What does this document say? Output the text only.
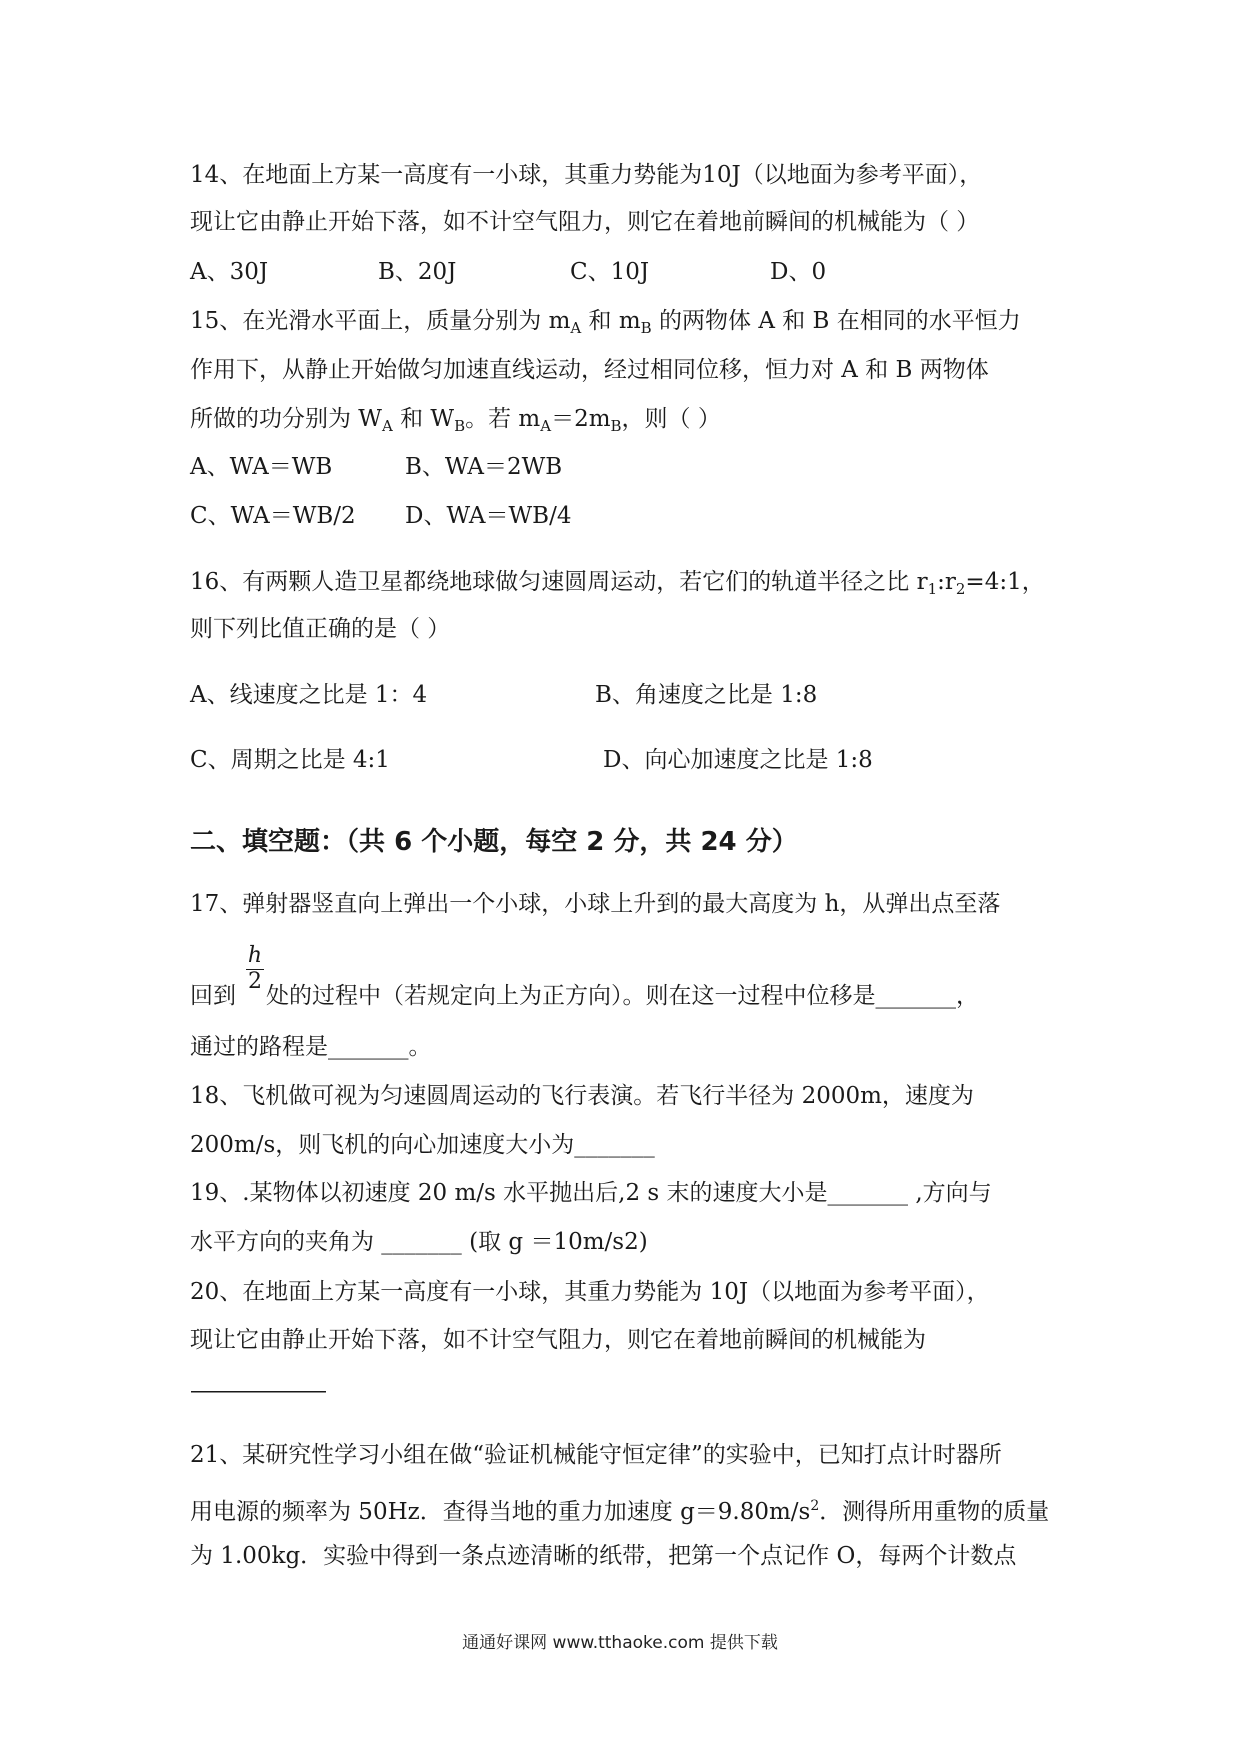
14、在地面上方某一高度有一小球，其重力势能为10J（以地面为参考平面），
现让它由静止开始下落，如不计空气阻力，则它在着地前瞬间的机械能为（ ）
A、30J	B、20J	C、10J	D、0
15、在光滑水平面上，质量分别为 $m_A$ 和 $m_B$ 的两物体 A 和 B 在相同的水平恒力
作用下，从静止开始做匀加速直线运动，经过相同位移，恒力对 A 和 B 两物体
所做的功分别为 $W_A$ 和 $W_B$。若 $m_A=2m_B$，则（ ）
A、WA＝WB	B、WA＝2WB
C、WA＝WB/2 D、WA＝WB/4
16、有两颗人造卫星都绕地球做匀速圆周运动，若它们的轨道半径之比 $r_1:r_2=4:1$，
则下列比值正确的是（ ）
A、线速度之比是 1：4	B、角速度之比是 1:8
C、周期之比是 4:1	D、向心加速度之比是 1:8
二、填空题：（共 6 个小题，每空 2 分，共 24 分）
17、弹射器竖直向上弹出一个小球，小球上升到的最大高度为 h，从弹出点至落
h
2
回到 处的过程中（若规定向上为正方向）。则在这一过程中位移是_______，
通过的路程是_______。
18、飞机做可视为匀速圆周运动的飞行表演。若飞行半径为 2000m，速度为
200m/s，则飞机的向心加速度大小为_______
19、.某物体以初速度 20 m/s 水平抛出后,2 s 末的速度大小是_______ ,方向与
水平方向的夹角为 _______ (取 g ＝10m/s2)
20、在地面上方某一高度有一小球，其重力势能为 10J（以地面为参考平面），
现让它由静止开始下落，如不计空气阻力，则它在着地前瞬间的机械能为
———————
21、某研究性学习小组在做“验证机械能守恒定律”的实验中，已知打点计时器所
用电源的频率为 50Hz．查得当地的重力加速度 $g=9.80m/s^2$．测得所用重物的质量
为 1.00kg．实验中得到一条点迹清晰的纸带，把第一个点记作 O，每两个计数点
通通好课网 www.tthaoke.com 提供下载
